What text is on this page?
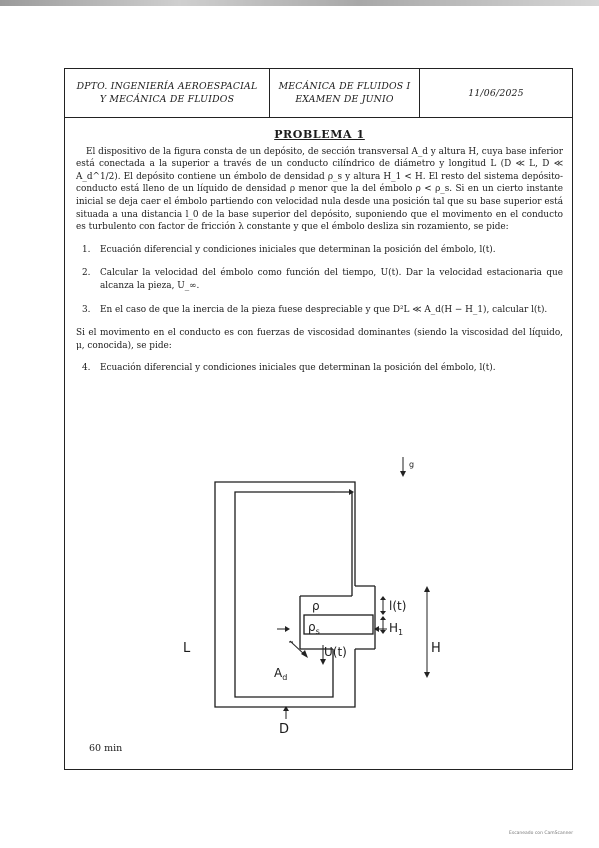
DPTO. INGENIERÍA AEROESPACIAL
Y MECÁNICA DE FLUIDOS
MECÁNICA DE FLUIDOS I
EXAMEN DE JUNIO
11/06/2025
PROBLEMA 1
El dispositivo de la figura consta de un depósito, de sección transversal A_d y altura H, cuya base inferior está conectada a la superior a través de un conducto cilíndrico de diámetro y longitud L (D ≪ L, D ≪ A_d^1/2). El depósito contiene un émbolo de densidad ρ_s y altura H_1 < H. El resto del sistema depósito-conducto está lleno de un líquido de densidad ρ menor que la del émbolo ρ < ρ_s. Si en un cierto instante inicial se deja caer el émbolo partiendo con velocidad nula desde una posición tal que su base superior está situada a una distancia l_0 de la base superior del depósito, suponiendo que el movimento en el conducto es turbulento con factor de fricción λ constante y que el émbolo desliza sin rozamiento, se pide:
1. Ecuación diferencial y condiciones iniciales que determinan la posición del émbolo, l(t).
2. Calcular la velocidad del émbolo como función del tiempo, U(t). Dar la velocidad estacionaria que alcanza la pieza, U_∞.
3. En el caso de que la inercia de la pieza fuese despreciable y que D²L ≪ A_d(H − H_1), calcular l(t).
Si el movimento en el conducto es con fuerzas de viscosidad dominantes (siendo la viscosidad del líquido, μ, conocida), se pide:
4. Ecuación diferencial y condiciones iniciales que determinan la posición del émbolo, l(t).
g
ρ
$\rho_s$
l(t)
$H_1$
U(t)
$A_d$
L	H
D
60 min
Escaneado con CamScanner
